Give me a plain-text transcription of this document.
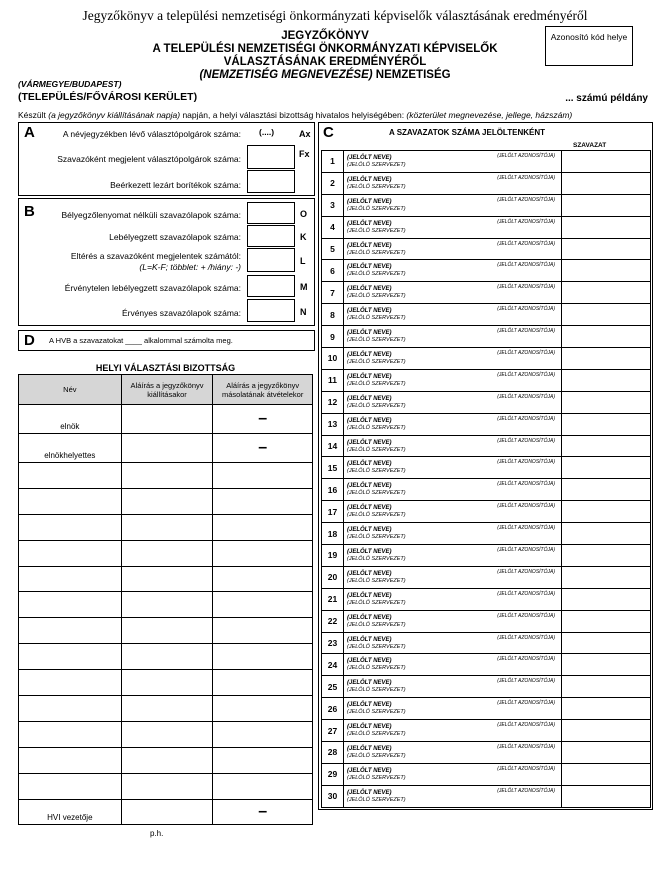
Jegyzőkönyv a települési nemzetiségi önkormányzati képviselők választásának eredményéről
JEGYZŐKÖNYV
A TELEPÜLÉSI NEMZETISÉGI ÖNKORMÁNYZATI KÉPVISELŐK
VÁLASZTÁSÁNAK EREDMÉNYÉRŐL
(NEMZETISÉG MEGNEVEZÉSE) NEMZETISÉG
Azonosító kód helye
(VÁRMEGYE/BUDAPEST)
(TELEPÜLÉS/FŐVÁROSI KERÜLET)	... számú példány
Készült (a jegyzőkönyv kiállításának napja) napján, a helyi választási bizottság hivatalos helyiségében: (közterület megnevezése, jellege, házszám)
A	A névjegyzékben lévő választópolgárok száma: (....)	Ax
Szavazóként megjelent választópolgárok száma:	Fx
Beérkezett lezárt borítékok száma:
B	Bélyegzőlenyomat nélküli szavazólapok száma:	O
Lebélyegzett szavazólapok száma:	K
Eltérés a szavazóként megjelentek számától:
(L=K-F; többlet: + /hiány: -)
L
Érvénytelen lebélyegzett szavazólapok száma:	M
Érvényes szavazólapok száma:	N
D A HVB a szavazatokat ____ alkalommal számolta meg.
HELYI VÁLASZTÁSI BIZOTTSÁG
Név	Aláírás a jegyzőkönyv kiállításakor	Aláírás a jegyzőkönyv másolatának átvételekor
elnök		–

elnökhelyettes		–

HVI vezetője		–
p.h.
C	A SZAVAZATOK SZÁMA JELÖLTENKÉNT
SZAVAZAT
1	(JELÖLT NEVE)
(JELÖLŐ SZERVEZET)
(JELÖLT AZONOSÍTÓJA)	

2	(JELÖLT NEVE)
(JELÖLŐ SZERVEZET)
(JELÖLT AZONOSÍTÓJA)	

3	(JELÖLT NEVE)
(JELÖLŐ SZERVEZET)
(JELÖLT AZONOSÍTÓJA)	

4	(JELÖLT NEVE)
(JELÖLŐ SZERVEZET)
(JELÖLT AZONOSÍTÓJA)	

5	(JELÖLT NEVE)
(JELÖLŐ SZERVEZET)
(JELÖLT AZONOSÍTÓJA)	

6	(JELÖLT NEVE)
(JELÖLŐ SZERVEZET)
(JELÖLT AZONOSÍTÓJA)	

7	(JELÖLT NEVE)
(JELÖLŐ SZERVEZET)
(JELÖLT AZONOSÍTÓJA)	

8	(JELÖLT NEVE)
(JELÖLŐ SZERVEZET)
(JELÖLT AZONOSÍTÓJA)	

9	(JELÖLT NEVE)
(JELÖLŐ SZERVEZET)
(JELÖLT AZONOSÍTÓJA)	

10	(JELÖLT NEVE)
(JELÖLŐ SZERVEZET)
(JELÖLT AZONOSÍTÓJA)	

11	(JELÖLT NEVE)
(JELÖLŐ SZERVEZET)
(JELÖLT AZONOSÍTÓJA)	

12	(JELÖLT NEVE)
(JELÖLŐ SZERVEZET)
(JELÖLT AZONOSÍTÓJA)	

13	(JELÖLT NEVE)
(JELÖLŐ SZERVEZET)
(JELÖLT AZONOSÍTÓJA)	

14	(JELÖLT NEVE)
(JELÖLŐ SZERVEZET)
(JELÖLT AZONOSÍTÓJA)	

15	(JELÖLT NEVE)
(JELÖLŐ SZERVEZET)
(JELÖLT AZONOSÍTÓJA)	

16	(JELÖLT NEVE)
(JELÖLŐ SZERVEZET)
(JELÖLT AZONOSÍTÓJA)	

17	(JELÖLT NEVE)
(JELÖLŐ SZERVEZET)
(JELÖLT AZONOSÍTÓJA)	

18	(JELÖLT NEVE)
(JELÖLŐ SZERVEZET)
(JELÖLT AZONOSÍTÓJA)	

19	(JELÖLT NEVE)
(JELÖLŐ SZERVEZET)
(JELÖLT AZONOSÍTÓJA)	

20	(JELÖLT NEVE)
(JELÖLŐ SZERVEZET)
(JELÖLT AZONOSÍTÓJA)	

21	(JELÖLT NEVE)
(JELÖLŐ SZERVEZET)
(JELÖLT AZONOSÍTÓJA)	

22	(JELÖLT NEVE)
(JELÖLŐ SZERVEZET)
(JELÖLT AZONOSÍTÓJA)	

23	(JELÖLT NEVE)
(JELÖLŐ SZERVEZET)
(JELÖLT AZONOSÍTÓJA)	

24	(JELÖLT NEVE)
(JELÖLŐ SZERVEZET)
(JELÖLT AZONOSÍTÓJA)	

25	(JELÖLT NEVE)
(JELÖLŐ SZERVEZET)
(JELÖLT AZONOSÍTÓJA)	

26	(JELÖLT NEVE)
(JELÖLŐ SZERVEZET)
(JELÖLT AZONOSÍTÓJA)	

27	(JELÖLT NEVE)
(JELÖLŐ SZERVEZET)
(JELÖLT AZONOSÍTÓJA)	

28	(JELÖLT NEVE)
(JELÖLŐ SZERVEZET)
(JELÖLT AZONOSÍTÓJA)	

29	(JELÖLT NEVE)
(JELÖLŐ SZERVEZET)
(JELÖLT AZONOSÍTÓJA)	

30	(JELÖLT NEVE)
(JELÖLŐ SZERVEZET)
(JELÖLT AZONOSÍTÓJA)	
